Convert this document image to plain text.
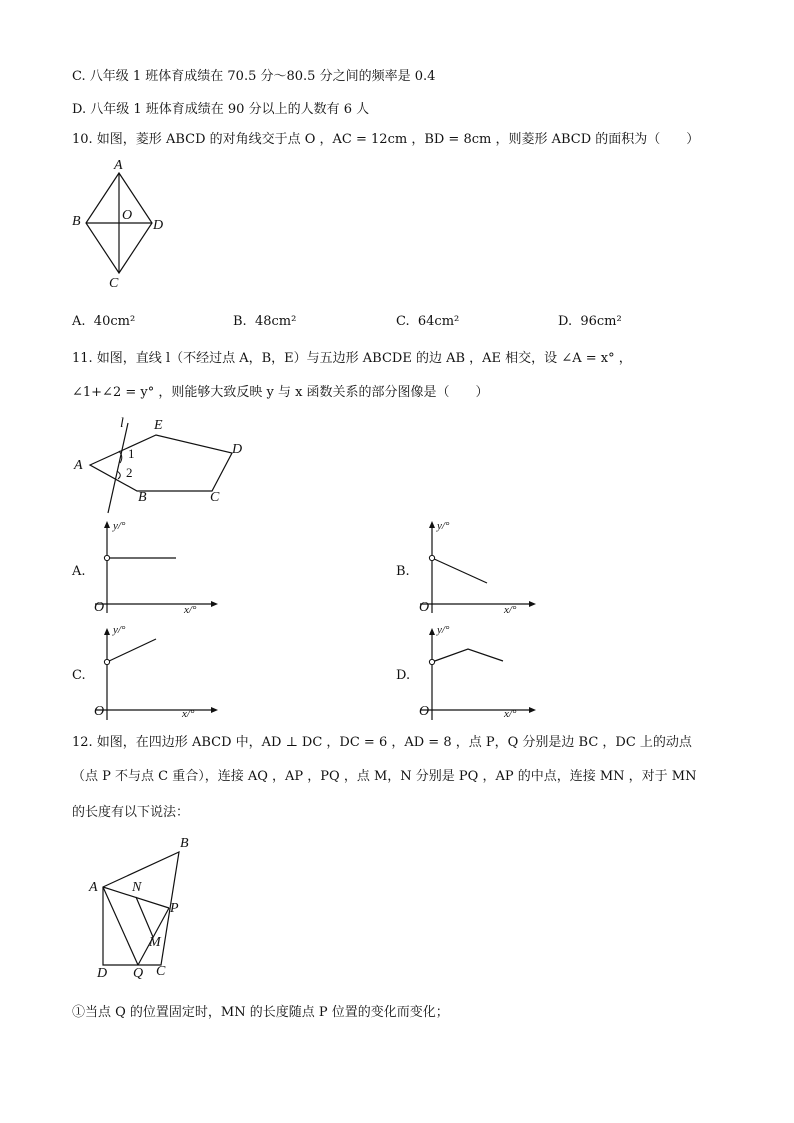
C. 八年级 1 班体育成绩在 70.5 分～80.5 分之间的频率是 0.4
D. 八年级 1 班体育成绩在 90 分以上的人数有 6 人
10. 如图，菱形 ABCD 的对角线交于点 O ，AC = 12cm ，BD = 8cm ，则菱形 ABCD 的面积为（　　）
A
B	O
D
C
A. 40cm²	B. 48cm²	C. 64cm²	D. 96cm²
11. 如图，直线 l（不经过点 A，B，E）与五边形 ABCDE 的边 AB ，AE 相交，设 ∠A = x° ，
∠1+∠2 = y° ，则能够大致反映 y 与 x 函数关系的部分图像是（　　）
l E
D
A
1
2
B	C
A.
y/°
x/°
O
B.
y/°
x/°
O
C.
y/°
x/°
O
D.
y/°
x/°
O
12. 如图，在四边形 ABCD 中，AD ⊥ DC ，DC = 6 ，AD = 8 ，点 P，Q 分别是边 BC ，DC 上的动点
（点 P 不与点 C 重合），连接 AQ ，AP ，PQ ，点 M，N 分别是 PQ ，AP 的中点，连接 MN ，对于 MN
的长度有以下说法：
A
B
N
P
M
D Q C
①当点 Q 的位置固定时，MN 的长度随点 P 位置的变化而变化；
